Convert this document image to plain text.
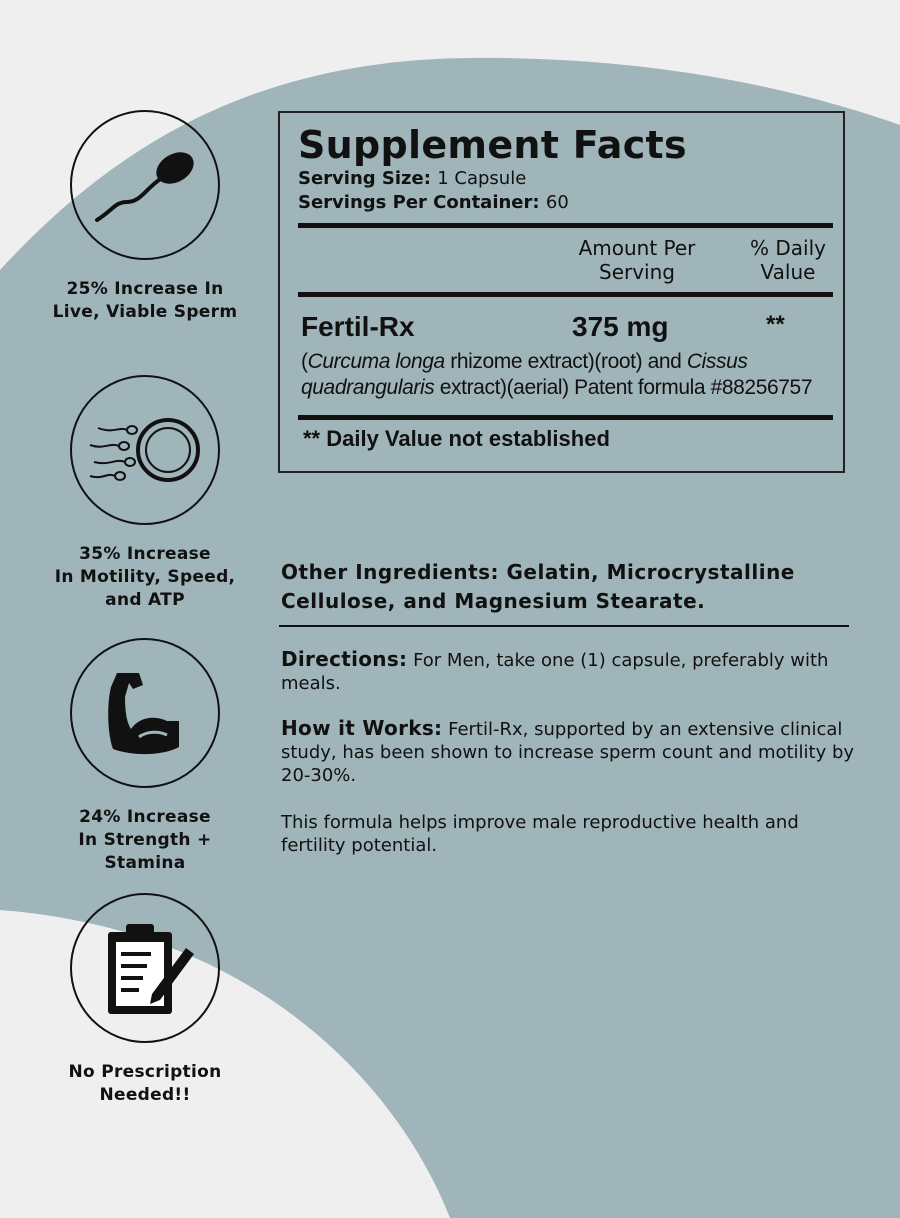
25% Increase In
Live, Viable Sperm
35% Increase
In Motility, Speed,
and ATP
24% Increase
In Strength +
Stamina
No Prescription
Needed!!
Supplement Facts
Serving Size: 1 Capsule
Servings Per Container: 60
Amount Per
Serving
% Daily
Value
Fertil-Rx	375 mg	**
(Curcuma longa rhizome extract)(root) and Cissus
quadrangularis extract)(aerial) Patent formula #88256757
** Daily Value not established
Other Ingredients: Gelatin, Microcrystalline Cellulose, and Magnesium Stearate.
Directions: For Men, take one (1) capsule, preferably with meals.
How it Works: Fertil-Rx, supported by an extensive clinical study, has been shown to increase sperm count and motility by 20-30%.
This formula helps improve male reproductive health and fertility potential.
